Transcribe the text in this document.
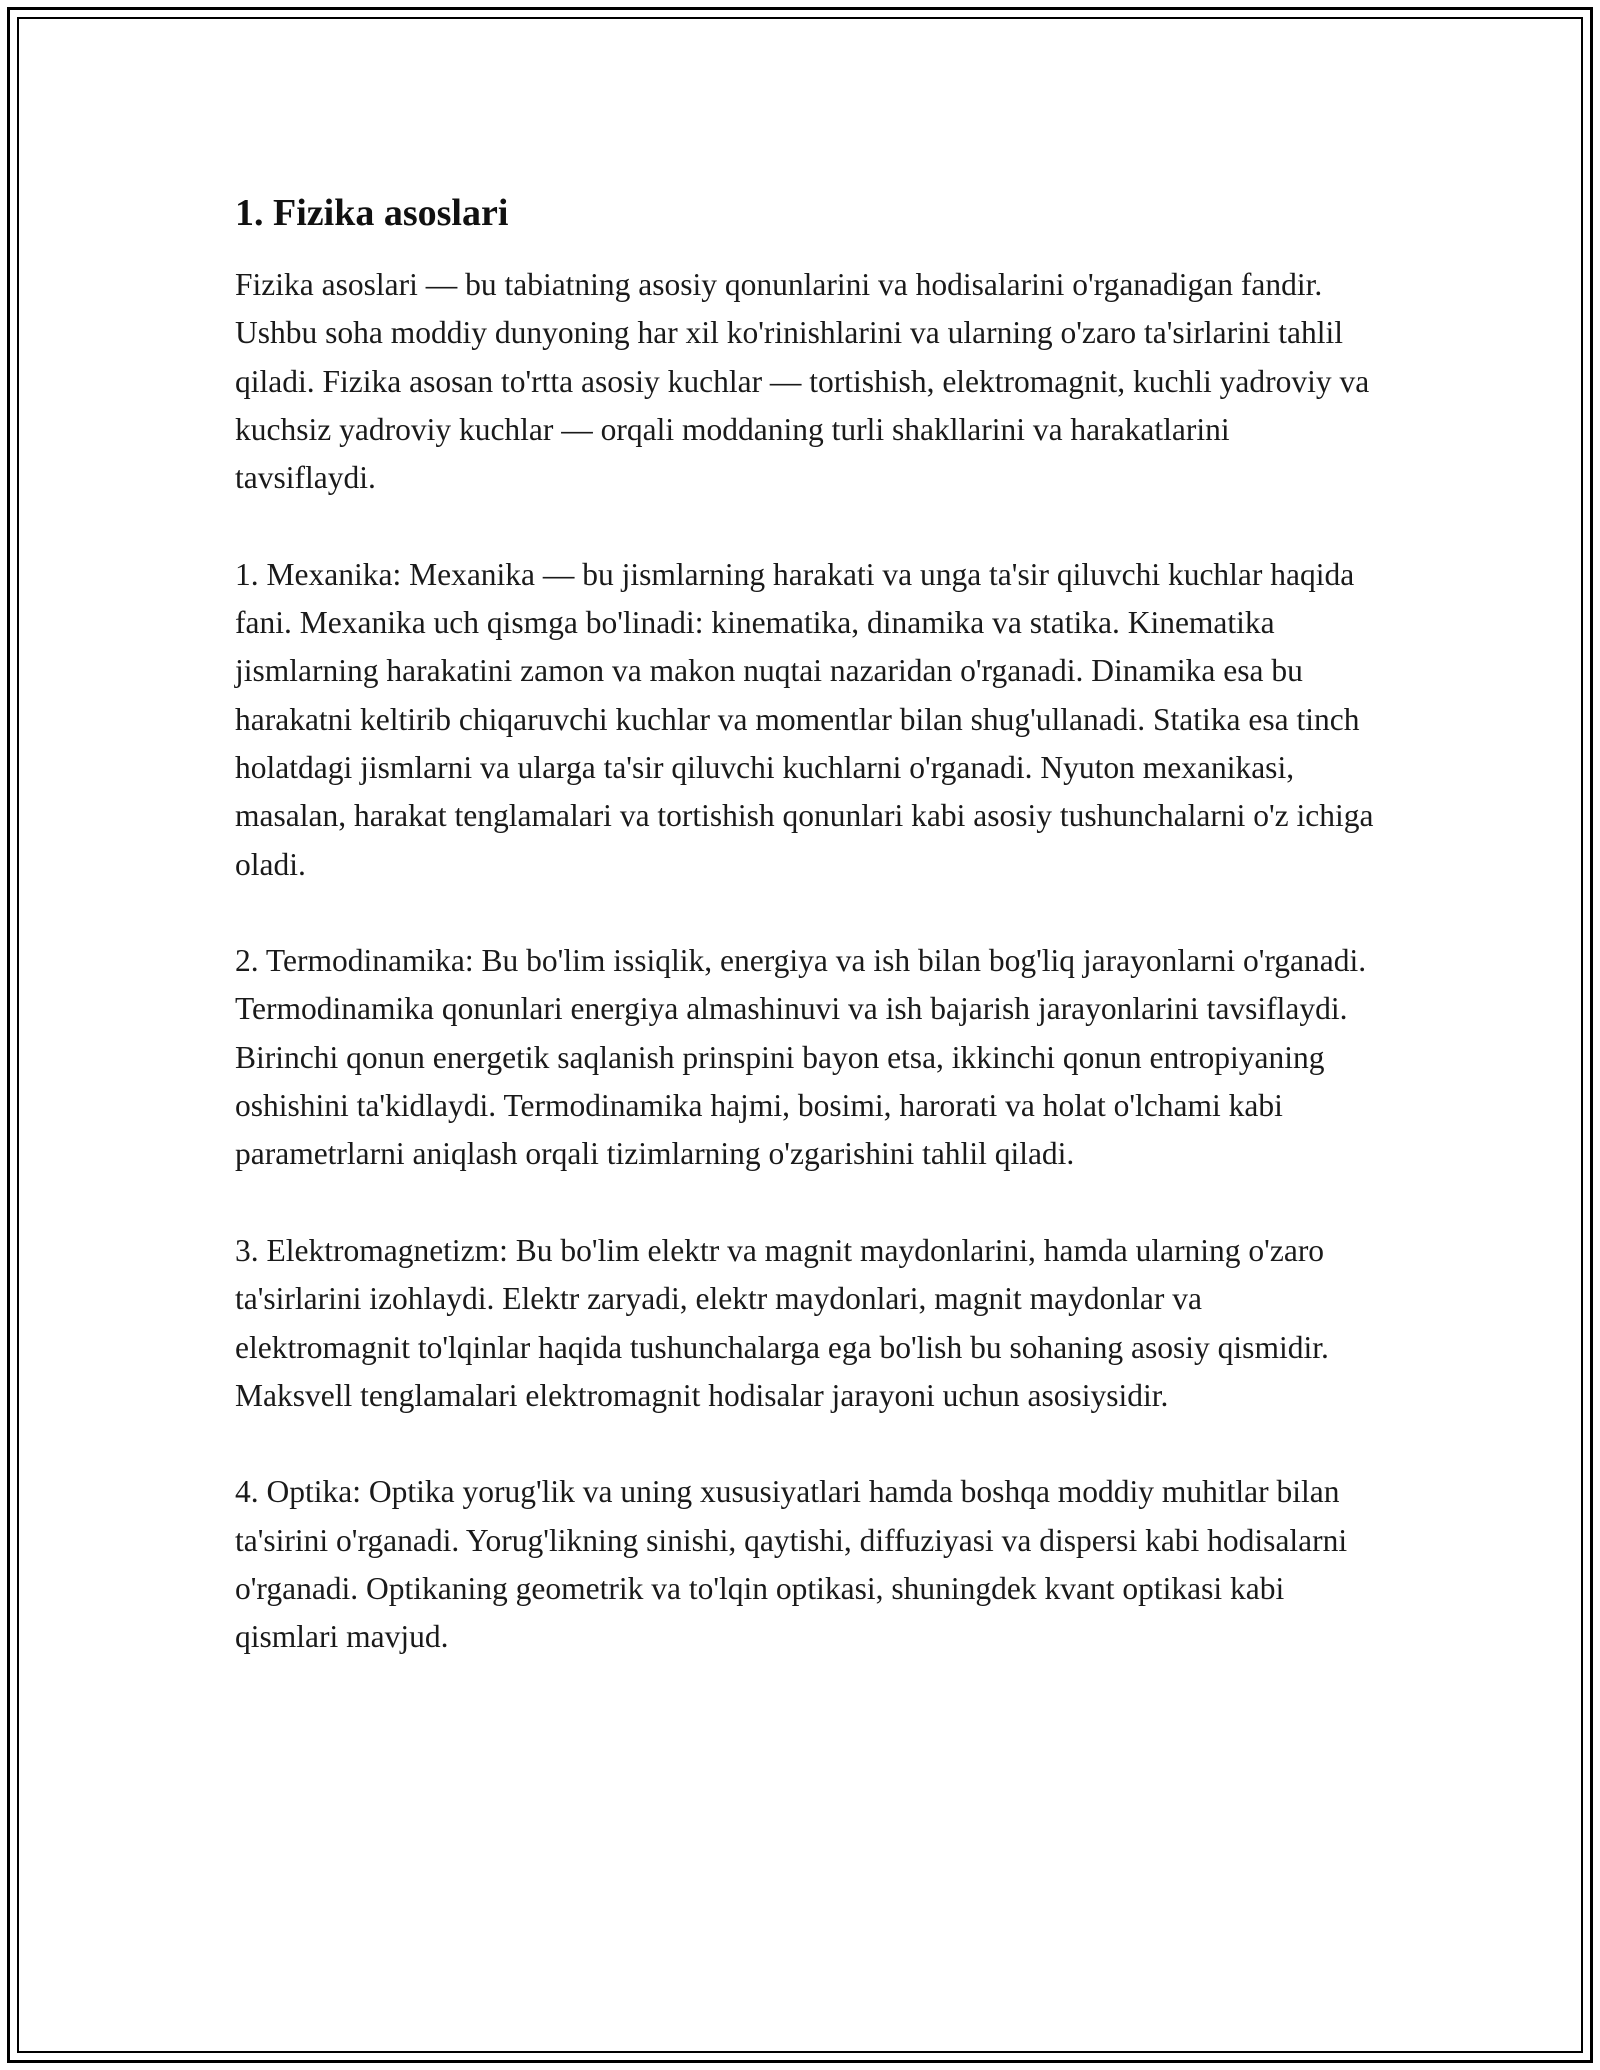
1. Fizika asoslari

Fizika asoslari — bu tabiatning asosiy qonunlarini va hodisalarini o'rganadigan fandir. Ushbu soha moddiy dunyoning har xil ko'rinishlarini va ularning o'zaro ta'sirlarini tahlil qiladi. Fizika asosan to'rtta asosiy kuchlar — tortishish, elektromagnit, kuchli yadroviy va kuchsiz yadroviy kuchlar — orqali moddaning turli shakllarini va harakatlarini tavsiflaydi.

1. Mexanika: Mexanika — bu jismlarning harakati va unga ta'sir qiluvchi kuchlar haqida fani. Mexanika uch qismga bo'linadi: kinematika, dinamika va statika. Kinematika jismlarning harakatini zamon va makon nuqtai nazaridan o'rganadi. Dinamika esa bu harakatni keltirib chiqaruvchi kuchlar va momentlar bilan shug'ullanadi. Statika esa tinch holatdagi jismlarni va ularga ta'sir qiluvchi kuchlarni o'rganadi. Nyuton mexanikasi, masalan, harakat tenglamalari va tortishish qonunlari kabi asosiy tushunchalarni o'z ichiga oladi.

2. Termodinamika: Bu bo'lim issiqlik, energiya va ish bilan bog'liq jarayonlarni o'rganadi. Termodinamika qonunlari energiya almashinuvi va ish bajarish jarayonlarini tavsiflaydi. Birinchi qonun energetik saqlanish prinspini bayon etsa, ikkinchi qonun entropiyaning oshishini ta'kidlaydi. Termodinamika hajmi, bosimi, harorati va holat o'lchami kabi parametrlarni aniqlash orqali tizimlarning o'zgarishini tahlil qiladi.

3. Elektromagnetizm: Bu bo'lim elektr va magnit maydonlarini, hamda ularning o'zaro ta'sirlarini izohlaydi. Elektr zaryadi, elektr maydonlari, magnit maydonlar va elektromagnit to'lqinlar haqida tushunchalarga ega bo'lish bu sohaning asosiy qismidir. Maksvell tenglamalari elektromagnit hodisalar jarayoni uchun asosiysidir.

4. Optika: Optika yorug'lik va uning xususiyatlari hamda boshqa moddiy muhitlar bilan ta'sirini o'rganadi. Yorug'likning sinishi, qaytishi, diffuziyasi va dispersi kabi hodisalarni o'rganadi. Optikaning geometrik va to'lqin optikasi, shuningdek kvant optikasi kabi qismlari mavjud.
